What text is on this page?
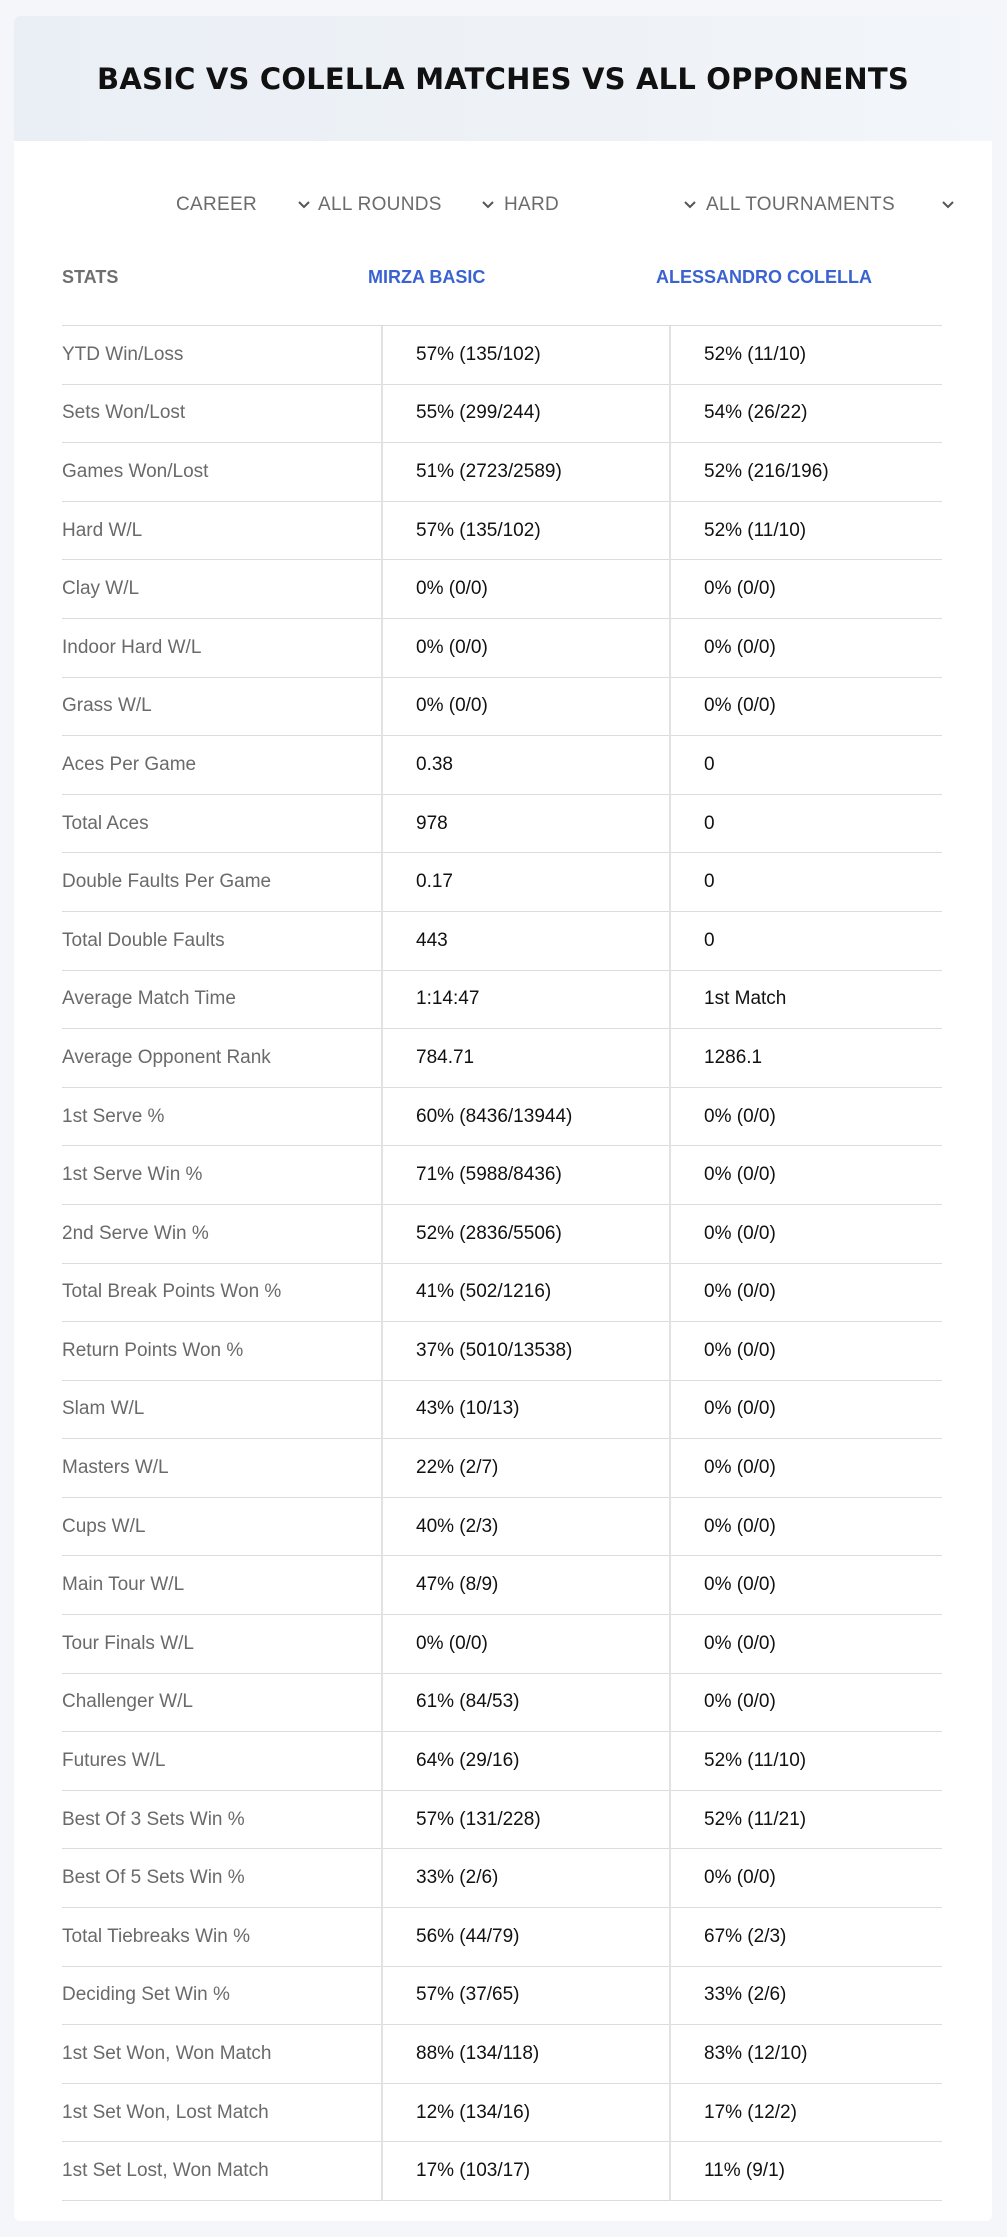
BASIC VS COLELLA MATCHES VS ALL OPPONENTS
CAREER	ALL ROUNDS	HARD	ALL TOURNAMENTS
STATS	MIRZA BASIC	ALESSANDRO COLELLA
YTD Win/Loss	57% (135/102)	52% (11/10)
Sets Won/Lost	55% (299/244)	54% (26/22)
Games Won/Lost	51% (2723/2589)	52% (216/196)
Hard W/L	57% (135/102)	52% (11/10)
Clay W/L	0% (0/0)	0% (0/0)
Indoor Hard W/L	0% (0/0)	0% (0/0)
Grass W/L	0% (0/0)	0% (0/0)
Aces Per Game	0.38	0
Total Aces	978	0
Double Faults Per Game	0.17	0
Total Double Faults	443	0
Average Match Time	1:14:47	1st Match
Average Opponent Rank	784.71	1286.1
1st Serve %	60% (8436/13944)	0% (0/0)
1st Serve Win %	71% (5988/8436)	0% (0/0)
2nd Serve Win %	52% (2836/5506)	0% (0/0)
Total Break Points Won %	41% (502/1216)	0% (0/0)
Return Points Won %	37% (5010/13538)	0% (0/0)
Slam W/L	43% (10/13)	0% (0/0)
Masters W/L	22% (2/7)	0% (0/0)
Cups W/L	40% (2/3)	0% (0/0)
Main Tour W/L	47% (8/9)	0% (0/0)
Tour Finals W/L	0% (0/0)	0% (0/0)
Challenger W/L	61% (84/53)	0% (0/0)
Futures W/L	64% (29/16)	52% (11/10)
Best Of 3 Sets Win %	57% (131/228)	52% (11/21)
Best Of 5 Sets Win %	33% (2/6)	0% (0/0)
Total Tiebreaks Win %	56% (44/79)	67% (2/3)
Deciding Set Win %	57% (37/65)	33% (2/6)
1st Set Won, Won Match	88% (134/118)	83% (12/10)
1st Set Won, Lost Match	12% (134/16)	17% (12/2)
1st Set Lost, Won Match	17% (103/17)	11% (9/1)
